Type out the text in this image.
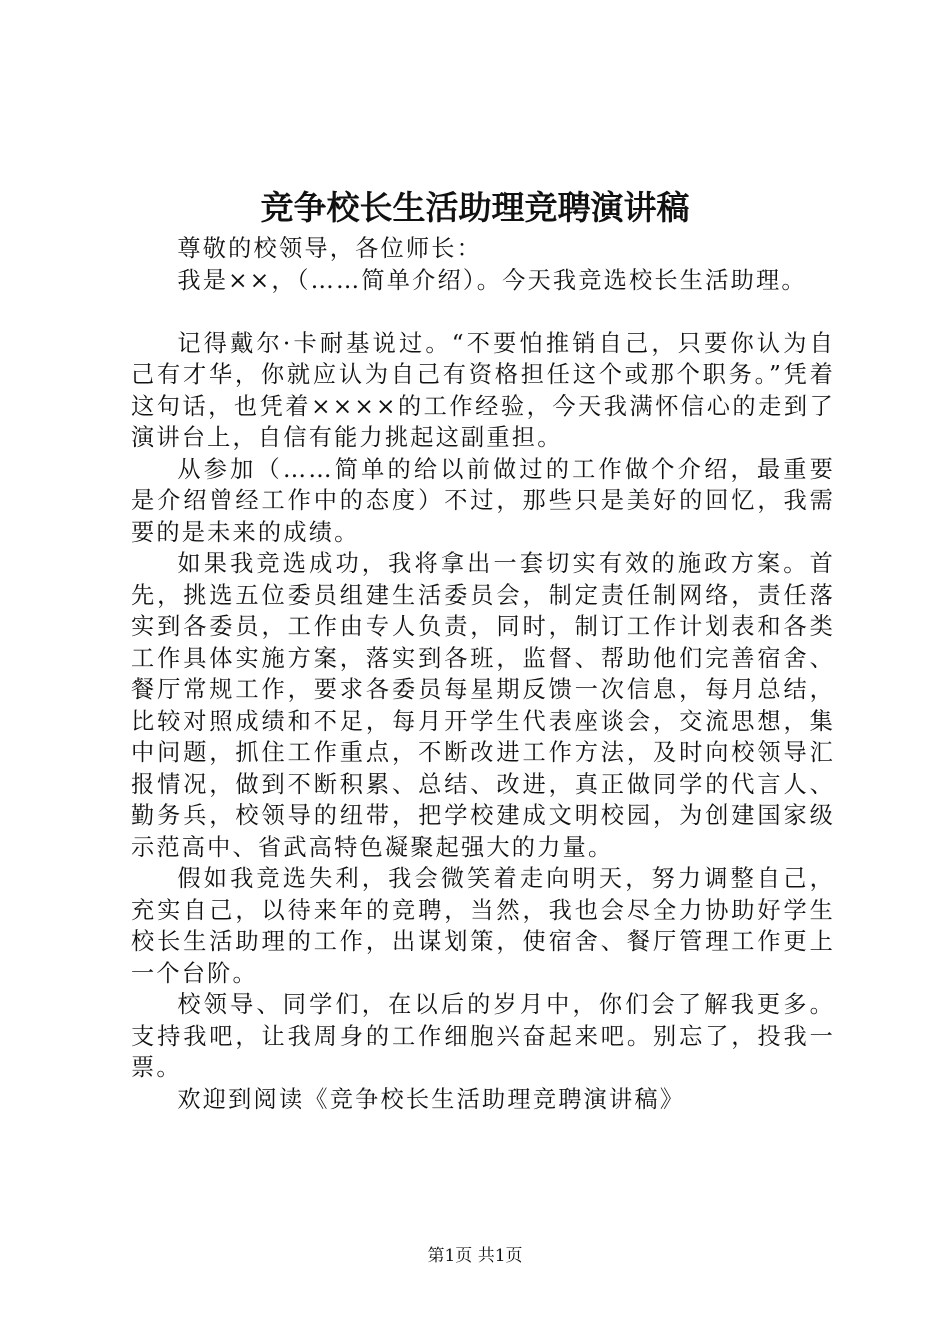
竞争校长生活助理竞聘演讲稿

尊敬的校领导，各位师长：

我是××，（……简单介绍）。今天我竞选校长生活助理。

记得戴尔·卡耐基说过。“不要怕推销自己，只要你认为自己有才华，你就应认为自己有资格担任这个或那个职务。”凭着这句话，也凭着××××的工作经验，今天我满怀信心的走到了演讲台上，自信有能力挑起这副重担。

从参加（……简单的给以前做过的工作做个介绍，最重要是介绍曾经工作中的态度）不过，那些只是美好的回忆，我需要的是未来的成绩。

如果我竞选成功，我将拿出一套切实有效的施政方案。首先，挑选五位委员组建生活委员会，制定责任制网络，责任落实到各委员，工作由专人负责，同时，制订工作计划表和各类工作具体实施方案，落实到各班，监督、帮助他们完善宿舍、餐厅常规工作，要求各委员每星期反馈一次信息，每月总结，比较对照成绩和不足，每月开学生代表座谈会，交流思想，集中问题，抓住工作重点，不断改进工作方法，及时向校领导汇报情况，做到不断积累、总结、改进，真正做同学的代言人、勤务兵，校领导的纽带，把学校建成文明校园，为创建国家级示范高中、省武高特色凝聚起强大的力量。

假如我竞选失利，我会微笑着走向明天，努力调整自己，充实自己，以待来年的竞聘，当然，我也会尽全力协助好学生校长生活助理的工作，出谋划策，使宿舍、餐厅管理工作更上一个台阶。

校领导、同学们，在以后的岁月中，你们会了解我更多。支持我吧，让我周身的工作细胞兴奋起来吧。别忘了，投我一票。

欢迎到阅读《竞争校长生活助理竞聘演讲稿》

第1页 共1页
